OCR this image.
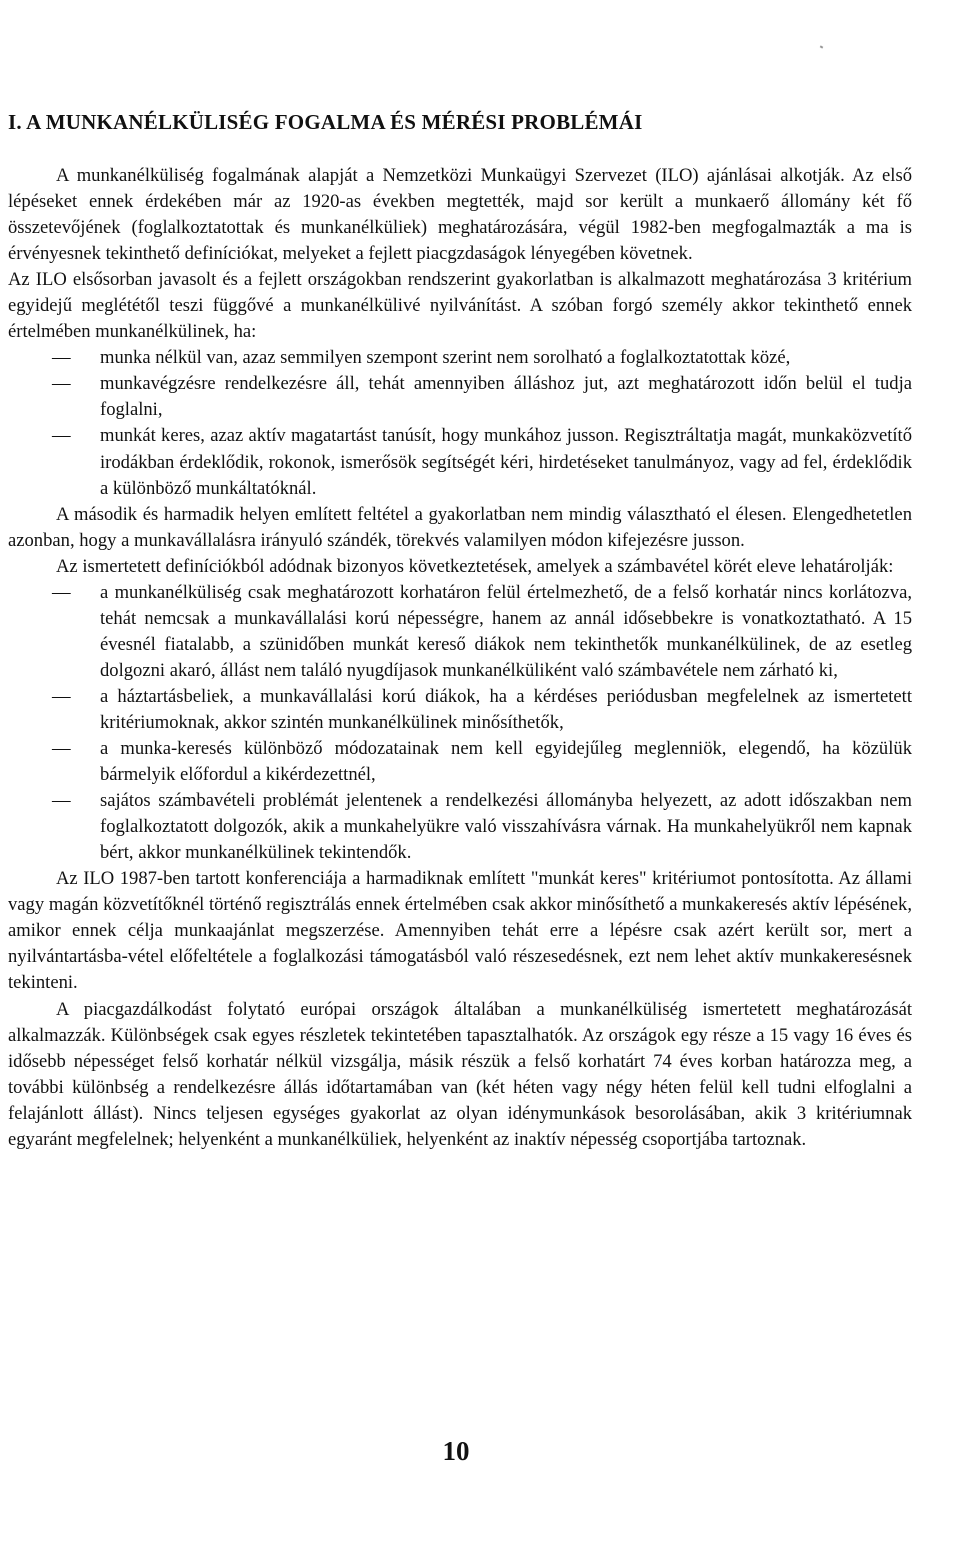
I. A MUNKANÉLKÜLISÉG FOGALMA ÉS MÉRÉSI PROBLÉMÁI

A munkanélküliség fogalmának alapját a Nemzetközi Munkaügyi Szervezet (ILO) ajánlásai alkotják. Az első lépéseket ennek érdekében már az 1920-as években megtették, majd sor került a munkaerő állomány két fő összetevőjének (foglalkoztatottak és munkanélküliek) meghatározására, végül 1982-ben megfogalmazták a ma is érvényesnek tekinthető definíciókat, melyeket a fejlett piacgzdaságok lényegében követnek.

Az ILO elsősorban javasolt és a fejlett országokban rendszerint gyakorlatban is alkalmazott meghatározása 3 kritérium egyidejű meglététől teszi függővé a munkanélkülivé nyilvánítást. A szóban forgó személy akkor tekinthető ennek értelmében munkanélkülinek, ha:

— munka nélkül van, azaz semmilyen szempont szerint nem sorolható a foglalkoztatottak közé,
— munkavégzésre rendelkezésre áll, tehát amennyiben álláshoz jut, azt meghatározott időn belül el tudja foglalni,
— munkát keres, azaz aktív magatartást tanúsít, hogy munkához jusson. Regisztráltatja magát, munkaközvetítő irodákban érdeklődik, rokonok, ismerősök segítségét kéri, hirdetéseket tanulmányoz, vagy ad fel, érdeklődik a különböző munkáltatóknál.

A második és harmadik helyen említett feltétel a gyakorlatban nem mindig választható el élesen. Elengedhetetlen azonban, hogy a munkavállalásra irányuló szándék, törekvés valamilyen módon kifejezésre jusson.

Az ismertetett definíciókból adódnak bizonyos következtetések, amelyek a számbavétel körét eleve lehatárolják:

— a munkanélküliség csak meghatározott korhatáron felül értelmezhető, de a felső korhatár nincs korlátozva, tehát nemcsak a munkavállalási korú népességre, hanem az annál idősebbekre is vonatkoztatható. A 15 évesnél fiatalabb, a szünidőben munkát kereső diákok nem tekinthetők munkanélkülinek, de az esetleg dolgozni akaró, állást nem találó nyugdíjasok munkanélküliként való számbavétele nem zárható ki,
— a háztartásbeliek, a munkavállalási korú diákok, ha a kérdéses periódusban megfelelnek az ismertetett kritériumoknak, akkor szintén munkanélkülinek minősíthetők,
— a munka-keresés különböző módozatainak nem kell egyidejűleg meglenniök, elegendő, ha közülük bármelyik előfordul a kikérdezettnél,
— sajátos számbavételi problémát jelentenek a rendelkezési állományba helyezett, az adott időszakban nem foglalkoztatott dolgozók, akik a munkahelyükre való visszahívásra várnak. Ha munkahelyükről nem kapnak bért, akkor munkanélkülinek tekintendők.

Az ILO 1987-ben tartott konferenciája a harmadiknak említett "munkát keres" kritériumot pontosította. Az állami vagy magán közvetítőknél történő regisztrálás ennek értelmében csak akkor minősíthető a munkakeresés aktív lépésének, amikor ennek célja munkaajánlat megszerzése. Amennyiben tehát erre a lépésre csak azért került sor, mert a nyilvántartásba-vétel előfeltétele a foglalkozási támogatásból való részesedésnek, ezt nem lehet aktív munkakeresésnek tekinteni.

A piacgazdálkodást folytató európai országok általában a munkanélküliség ismertetett meghatározását alkalmazzák. Különbségek csak egyes részletek tekintetében tapasztalhatók. Az országok egy része a 15 vagy 16 éves és idősebb népességet felső korhatár nélkül vizsgálja, másik részük a felső korhatárt 74 éves korban határozza meg, a további különbség a rendelkezésre állás időtartamában van (két héten vagy négy héten felül kell tudni elfoglalni a felajánlott állást). Nincs teljesen egységes gyakorlat az olyan idénymunkások besorolásában, akik 3 kritériumnak egyaránt megfelelnek; helyenként a munkanélküliek, helyenként az inaktív népesség csoportjába tartoznak.

10
